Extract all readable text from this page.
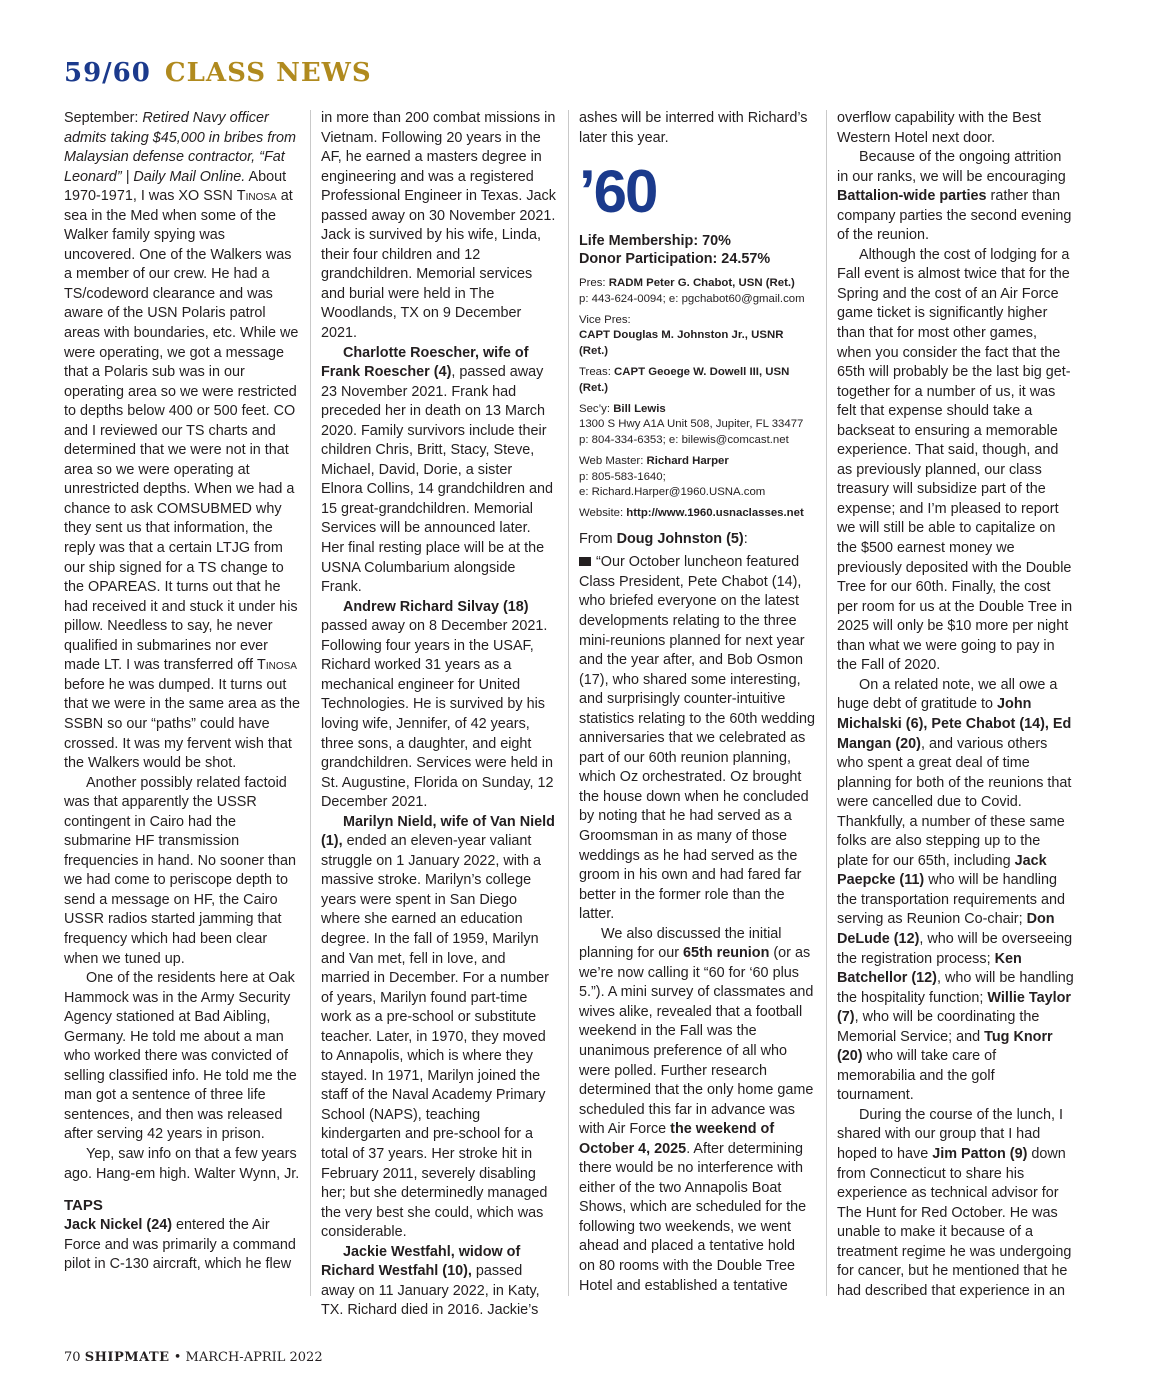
59/60 CLASS NEWS

September: Retired Navy officer admits taking $45,000 in bribes from Malaysian defense contractor, “Fat Leonard” | Daily Mail Online. About 1970-1971, I was XO SSN Tinosa at sea in the Med when some of the Walker family spying was uncovered. One of the Walkers was a member of our crew. He had a TS/codeword clearance and was aware of the USN Polaris patrol areas with boundaries, etc. While we were operating, we got a message that a Polaris sub was in our operating area so we were restricted to depths below 400 or 500 feet. CO and I reviewed our TS charts and determined that we were not in that area so we were operating at unrestricted depths. When we had a chance to ask COMSUBMED why they sent us that information, the reply was that a certain LTJG from our ship signed for a TS change to the OPAREAS. It turns out that he had received it and stuck it under his pillow. Needless to say, he never qualified in submarines nor ever made LT. I was transferred off Tinosa before he was dumped. It turns out that we were in the same area as the SSBN so our “paths” could have crossed. It was my fervent wish that the Walkers would be shot.

Another possibly related factoid was that apparently the USSR contingent in Cairo had the submarine HF transmission frequencies in hand. No sooner than we had come to periscope depth to send a message on HF, the Cairo USSR radios started jamming that frequency which had been clear when we tuned up.

One of the residents here at Oak Hammock was in the Army Security Agency stationed at Bad Aibling, Germany. He told me about a man who worked there was convicted of selling classified info. He told me the man got a sentence of three life sentences, and then was released after serving 42 years in prison.

Yep, saw info on that a few years ago. Hang-em high. Walter Wynn, Jr.

TAPS

Jack Nickel (24) entered the Air Force and was primarily a command pilot in C-130 aircraft, which he flew

in more than 200 combat missions in Vietnam. Following 20 years in the AF, he earned a masters degree in engineering and was a registered Professional Engineer in Texas. Jack passed away on 30 November 2021. Jack is survived by his wife, Linda, their four children and 12 grandchildren. Memorial services and burial were held in The Woodlands, TX on 9 December 2021.

Charlotte Roescher, wife of Frank Roescher (4), passed away 23 November 2021. Frank had preceded her in death on 13 March 2020. Family survivors include their children Chris, Britt, Stacy, Steve, Michael, David, Dorie, a sister Elnora Collins, 14 grandchildren and 15 great-grandchildren. Memorial Services will be announced later. Her final resting place will be at the USNA Columbarium alongside Frank.

Andrew Richard Silvay (18) passed away on 8 December 2021. Following four years in the USAF, Richard worked 31 years as a mechanical engineer for United Technologies. He is survived by his loving wife, Jennifer, of 42 years, three sons, a daughter, and eight grandchildren. Services were held in St. Augustine, Florida on Sunday, 12 December 2021.

Marilyn Nield, wife of Van Nield (1), ended an eleven-year valiant struggle on 1 January 2022, with a massive stroke. Marilyn’s college years were spent in San Diego where she earned an education degree. In the fall of 1959, Marilyn and Van met, fell in love, and married in December. For a number of years, Marilyn found part-time work as a pre-school or substitute teacher. Later, in 1970, they moved to Annapolis, which is where they stayed. In 1971, Marilyn joined the staff of the Naval Academy Primary School (NAPS), teaching kindergarten and pre-school for a total of 37 years. Her stroke hit in February 2011, severely disabling her; but she determinedly managed the very best she could, which was considerable.

Jackie Westfahl, widow of Richard Westfahl (10), passed away on 11 January 2022, in Katy, TX. Richard died in 2016. Jackie’s

ashes will be interred with Richard’s later this year.

’60

Life Membership: 70%

Donor Participation: 24.57%

Pres: RADM Peter G. Chabot, USN (Ret.)

p: 443-624-0094; e: pgchabot60@gmail.com

Vice Pres:

CAPT Douglas M. Johnston Jr., USNR (Ret.)

Treas: CAPT Geoege W. Dowell III, USN (Ret.)

Sec’y: Bill Lewis

1300 S Hwy A1A Unit 508, Jupiter, FL 33477

p: 804-334-6353; e: bilewis@comcast.net

Web Master: Richard Harper

p: 805-583-1640;

e: Richard.Harper@1960.USNA.com

Website: http://www.1960.usnaclasses.net

From Doug Johnston (5):

“Our October luncheon featured Class President, Pete Chabot (14), who briefed everyone on the latest developments relating to the three mini-reunions planned for next year and the year after, and Bob Osmon (17), who shared some interesting, and surprisingly counter-intuitive statistics relating to the 60th wedding anniversaries that we celebrated as part of our 60th reunion planning, which Oz orchestrated. Oz brought the house down when he concluded by noting that he had served as a Groomsman in as many of those weddings as he had served as the groom in his own and had fared far better in the former role than the latter.

We also discussed the initial planning for our 65th reunion (or as we’re now calling it “60 for ‘60 plus 5.”). A mini survey of classmates and wives alike, revealed that a football weekend in the Fall was the unanimous preference of all who were polled. Further research determined that the only home game scheduled this far in advance was with Air Force the weekend of October 4, 2025. After determining there would be no interference with either of the two Annapolis Boat Shows, which are scheduled for the following two weekends, we went ahead and placed a tentative hold on 80 rooms with the Double Tree Hotel and established a tentative

overflow capability with the Best Western Hotel next door.

Because of the ongoing attrition in our ranks, we will be encouraging Battalion-wide parties rather than company parties the second evening of the reunion.

Although the cost of lodging for a Fall event is almost twice that for the Spring and the cost of an Air Force game ticket is significantly higher than that for most other games, when you consider the fact that the 65th will probably be the last big get-together for a number of us, it was felt that expense should take a backseat to ensuring a memorable experience. That said, though, and as previously planned, our class treasury will subsidize part of the expense; and I’m pleased to report we will still be able to capitalize on the $500 earnest money we previously deposited with the Double Tree for our 60th. Finally, the cost per room for us at the Double Tree in 2025 will only be $10 more per night than what we were going to pay in the Fall of 2020.

On a related note, we all owe a huge debt of gratitude to John Michalski (6), Pete Chabot (14), Ed Mangan (20), and various others who spent a great deal of time planning for both of the reunions that were cancelled due to Covid. Thankfully, a number of these same folks are also stepping up to the plate for our 65th, including Jack Paepcke (11) who will be handling the transportation requirements and serving as Reunion Co-chair; Don DeLude (12), who will be overseeing the registration process; Ken Batchellor (12), who will be handling the hospitality function; Willie Taylor (7), who will be coordinating the Memorial Service; and Tug Knorr (20) who will take care of memorabilia and the golf tournament.

During the course of the lunch, I shared with our group that I had hoped to have Jim Patton (9) down from Connecticut to share his experience as technical advisor for The Hunt for Red October. He was unable to make it because of a treatment regime he was undergoing for cancer, but he mentioned that he had described that experience in an

70 SHIPMATE • MARCH-APRIL 2022
